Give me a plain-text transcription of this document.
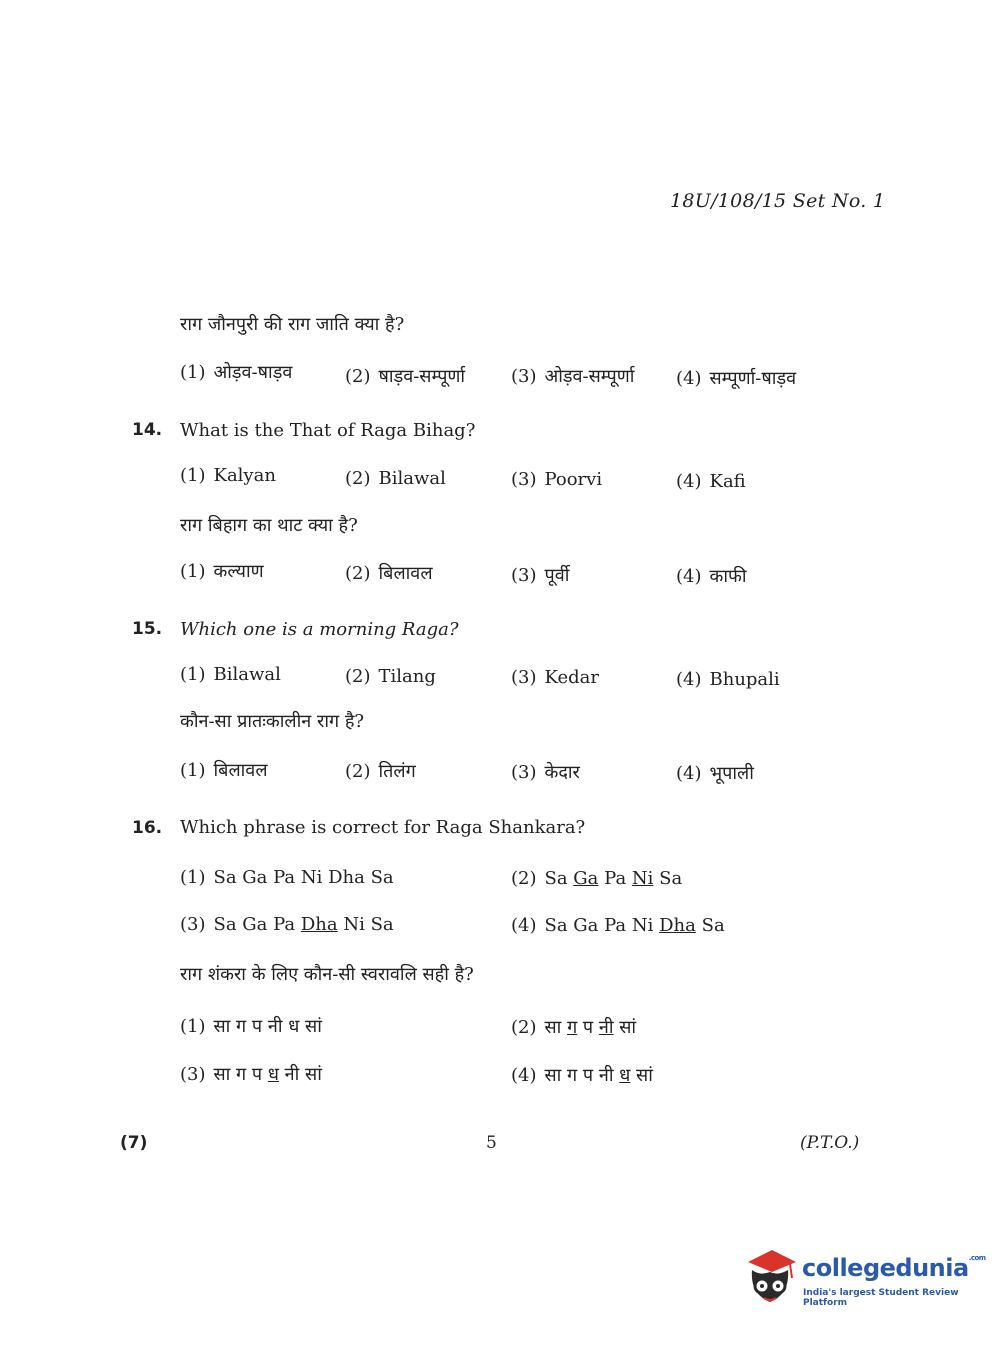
18U/108/15 Set No. 1
राग जौनपुरी की राग जाति क्या है?
(1) ओड़व-षाड़व	(2) षाड़व-सम्पूर्णा	(3) ओड़व-सम्पूर्णा (4) सम्पूर्णा-षाड़व
14. What is the That of Raga Bihag?
(1) Kalyan	(2) Bilawal	(3) Poorvi	(4) Kafi
राग बिहाग का थाट क्या है?
(1) कल्याण	(2) बिलावल	(3) पूर्वी	(4) काफी
15. Which one is a morning Raga?
(1) Bilawal	(2) Tilang	(3) Kedar	(4) Bhupali
कौन-सा प्रातःकालीन राग है?
(1) बिलावल	(2) तिलंग	(3) केदार	(4) भूपाली
16. Which phrase is correct for Raga Shankara?
(1) Sa Ga Pa Ni Dha Sa	(2) Sa Ga Pa Ni Sa
(3) Sa Ga Pa Dha Ni Sa	(4) Sa Ga Pa Ni Dha Sa
राग शंकरा के लिए कौन-सी स्वरावलि सही है?
(1) सा ग प नी ध सां	(2) सा ग प नी सां
(3) सा ग प ध नी सां	(4) सा ग प नी ध सां
(7)	5	(P.T.O.)
collegedunia$^{.com}$
India's largest Student Review Platform
